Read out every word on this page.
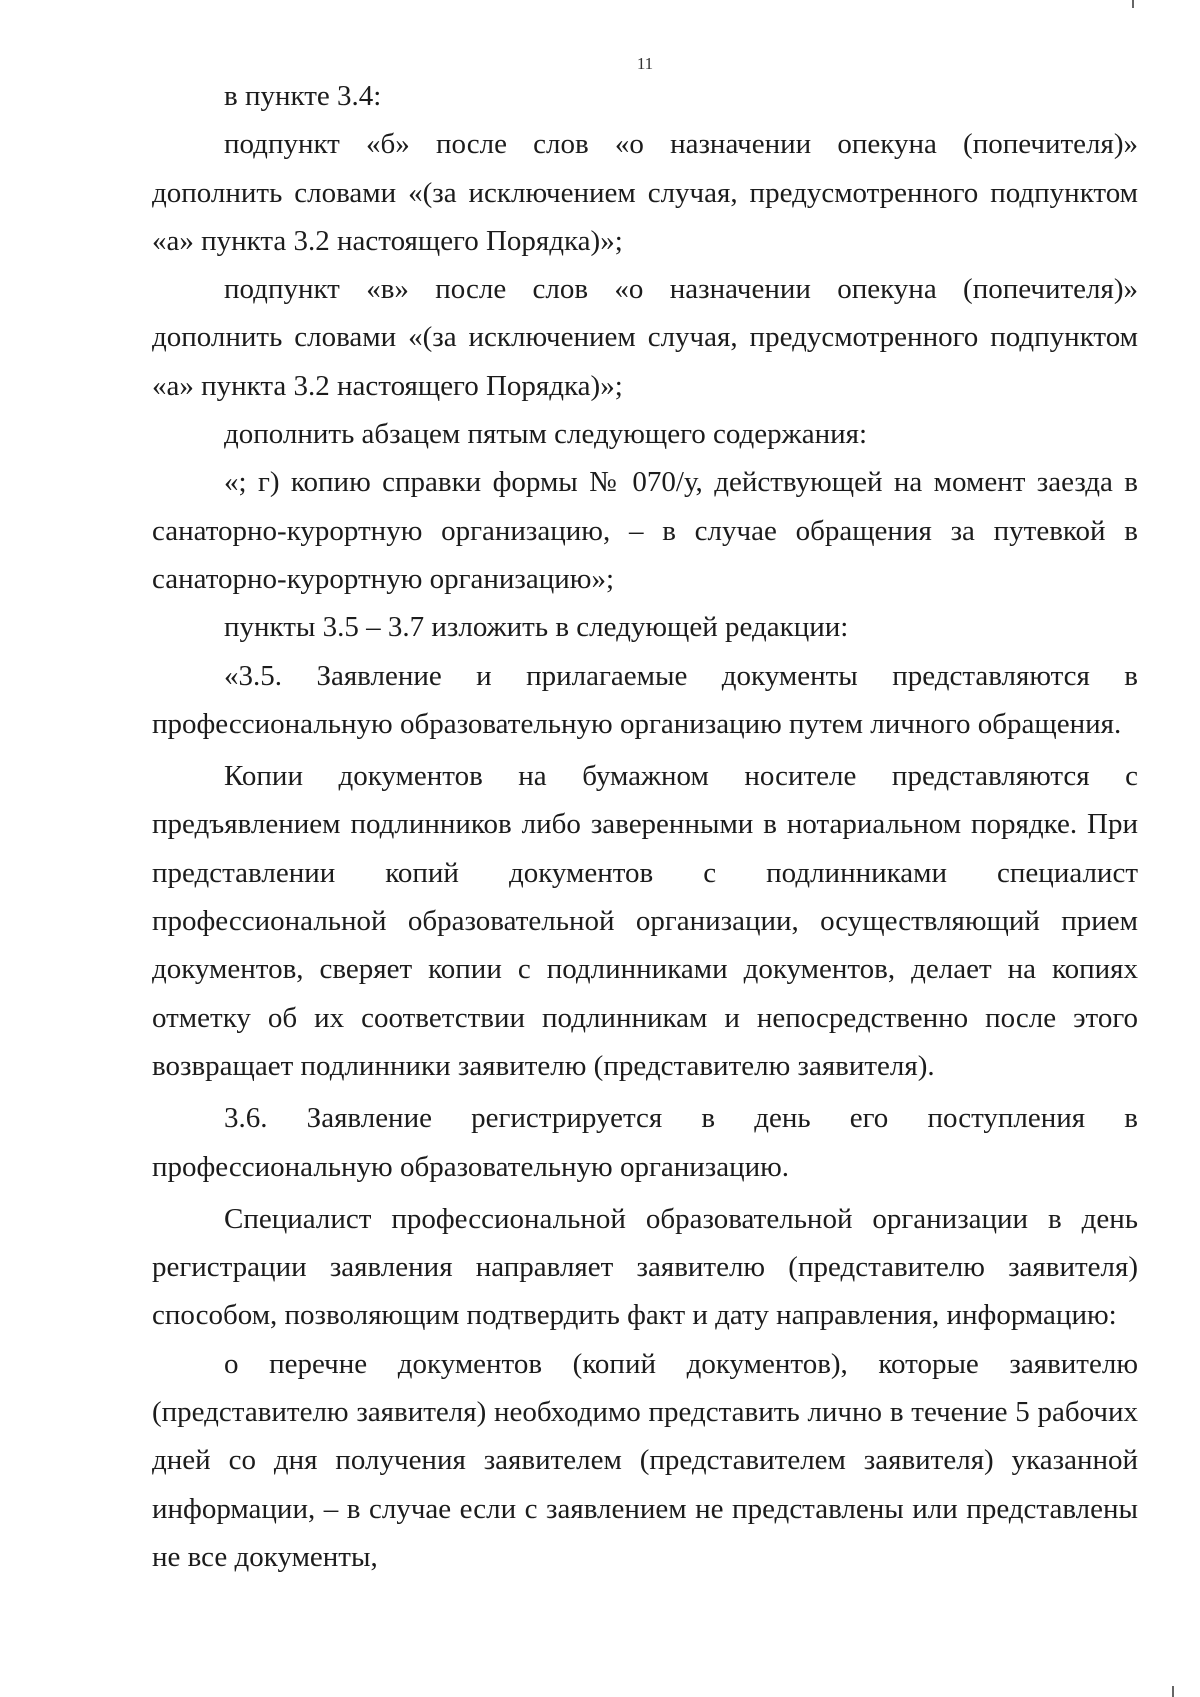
11

в пункте 3.4:

подпункт «б» после слов «о назначении опекуна (попечителя)» дополнить словами «(за исключением случая, предусмотренного подпунктом «а» пункта 3.2 настоящего Порядка)»;

подпункт «в» после слов «о назначении опекуна (попечителя)» дополнить словами «(за исключением случая, предусмотренного подпунктом «а» пункта 3.2 настоящего Порядка)»;

дополнить абзацем пятым следующего содержания:

«; г) копию справки формы № 070/у, действующей на момент заезда в санаторно-курортную организацию, – в случае обращения за путевкой в санаторно-курортную организацию»;

пункты 3.5 – 3.7 изложить в следующей редакции:

«3.5. Заявление и прилагаемые документы представляются в профессиональную образовательную организацию путем личного обращения.

Копии документов на бумажном носителе представляются с предъявлением подлинников либо заверенными в нотариальном порядке. При представлении копий документов с подлинниками специалист профессиональной образовательной организации, осуществляющий прием документов, сверяет копии с подлинниками документов, делает на копиях отметку об их соответствии подлинникам и непосредственно после этого возвращает подлинники заявителю (представителю заявителя).

3.6. Заявление регистрируется в день его поступления в профессиональную образовательную организацию.

Специалист профессиональной образовательной организации в день регистрации заявления направляет заявителю (представителю заявителя) способом, позволяющим подтвердить факт и дату направления, информацию:

о перечне документов (копий документов), которые заявителю (представителю заявителя) необходимо представить лично в течение 5 рабочих дней со дня получения заявителем (представителем заявителя) указанной информации, – в случае если с заявлением не представлены или представлены не все документы,
